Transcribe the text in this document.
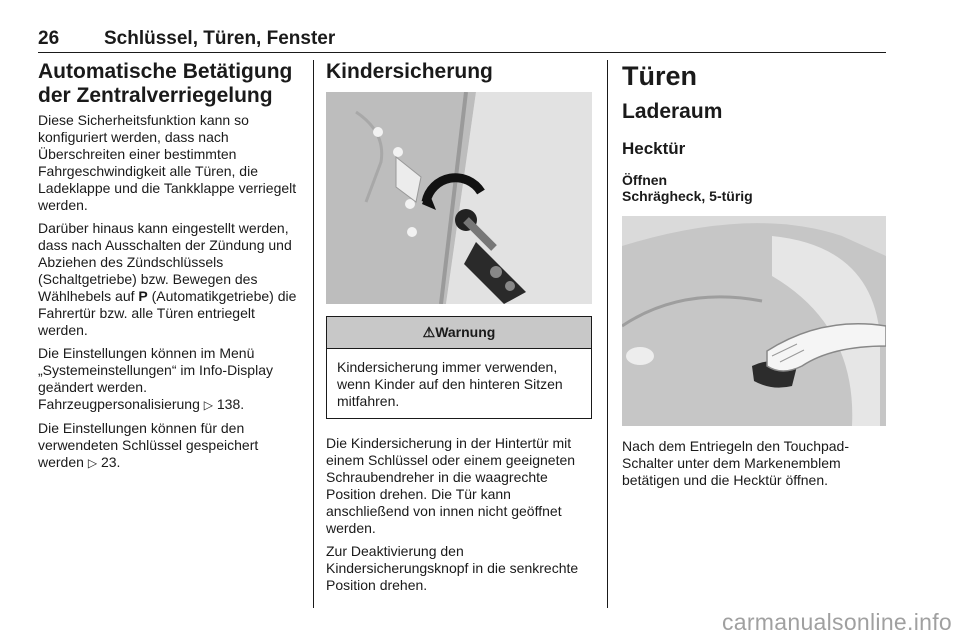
26 Schlüssel, Türen, Fenster
Automatische Betätigung der Zentralverriegelung

Diese Sicherheitsfunktion kann so konfiguriert werden, dass nach Überschreiten einer bestimmten Fahrgeschwindigkeit alle Türen, die Ladeklappe und die Tankklappe verriegelt werden.

Darüber hinaus kann eingestellt werden, dass nach Ausschalten der Zündung und Abziehen des Zündschlüssels (Schaltgetriebe) bzw. Bewegen des Wählhebels auf P (Automatikgetriebe) die Fahrertür bzw. alle Türen entriegelt werden.

Die Einstellungen können im Menü „Systemeinstellungen“ im Info-Display geändert werden. Fahrzeugpersonalisierung ▷ 138.

Die Einstellungen können für den verwendeten Schlüssel gespeichert werden ▷ 23.

Kindersicherung
⚠Warnung

Kindersicherung immer verwenden, wenn Kinder auf den hinteren Sitzen mitfahren.

Die Kindersicherung in der Hintertür mit einem Schlüssel oder einem geeigneten Schraubendreher in die waagrechte Position drehen. Die Tür kann anschließend von innen nicht geöffnet werden.

Zur Deaktivierung den Kindersicherungsknopf in die senkrechte Position drehen.

Türen
Laderaum
Hecktür
Öffnen
Schrägheck, 5-türig

Nach dem Entriegeln den Touchpad-Schalter unter dem Markenemblem betätigen und die Hecktür öffnen.

carmanualsonline.info
